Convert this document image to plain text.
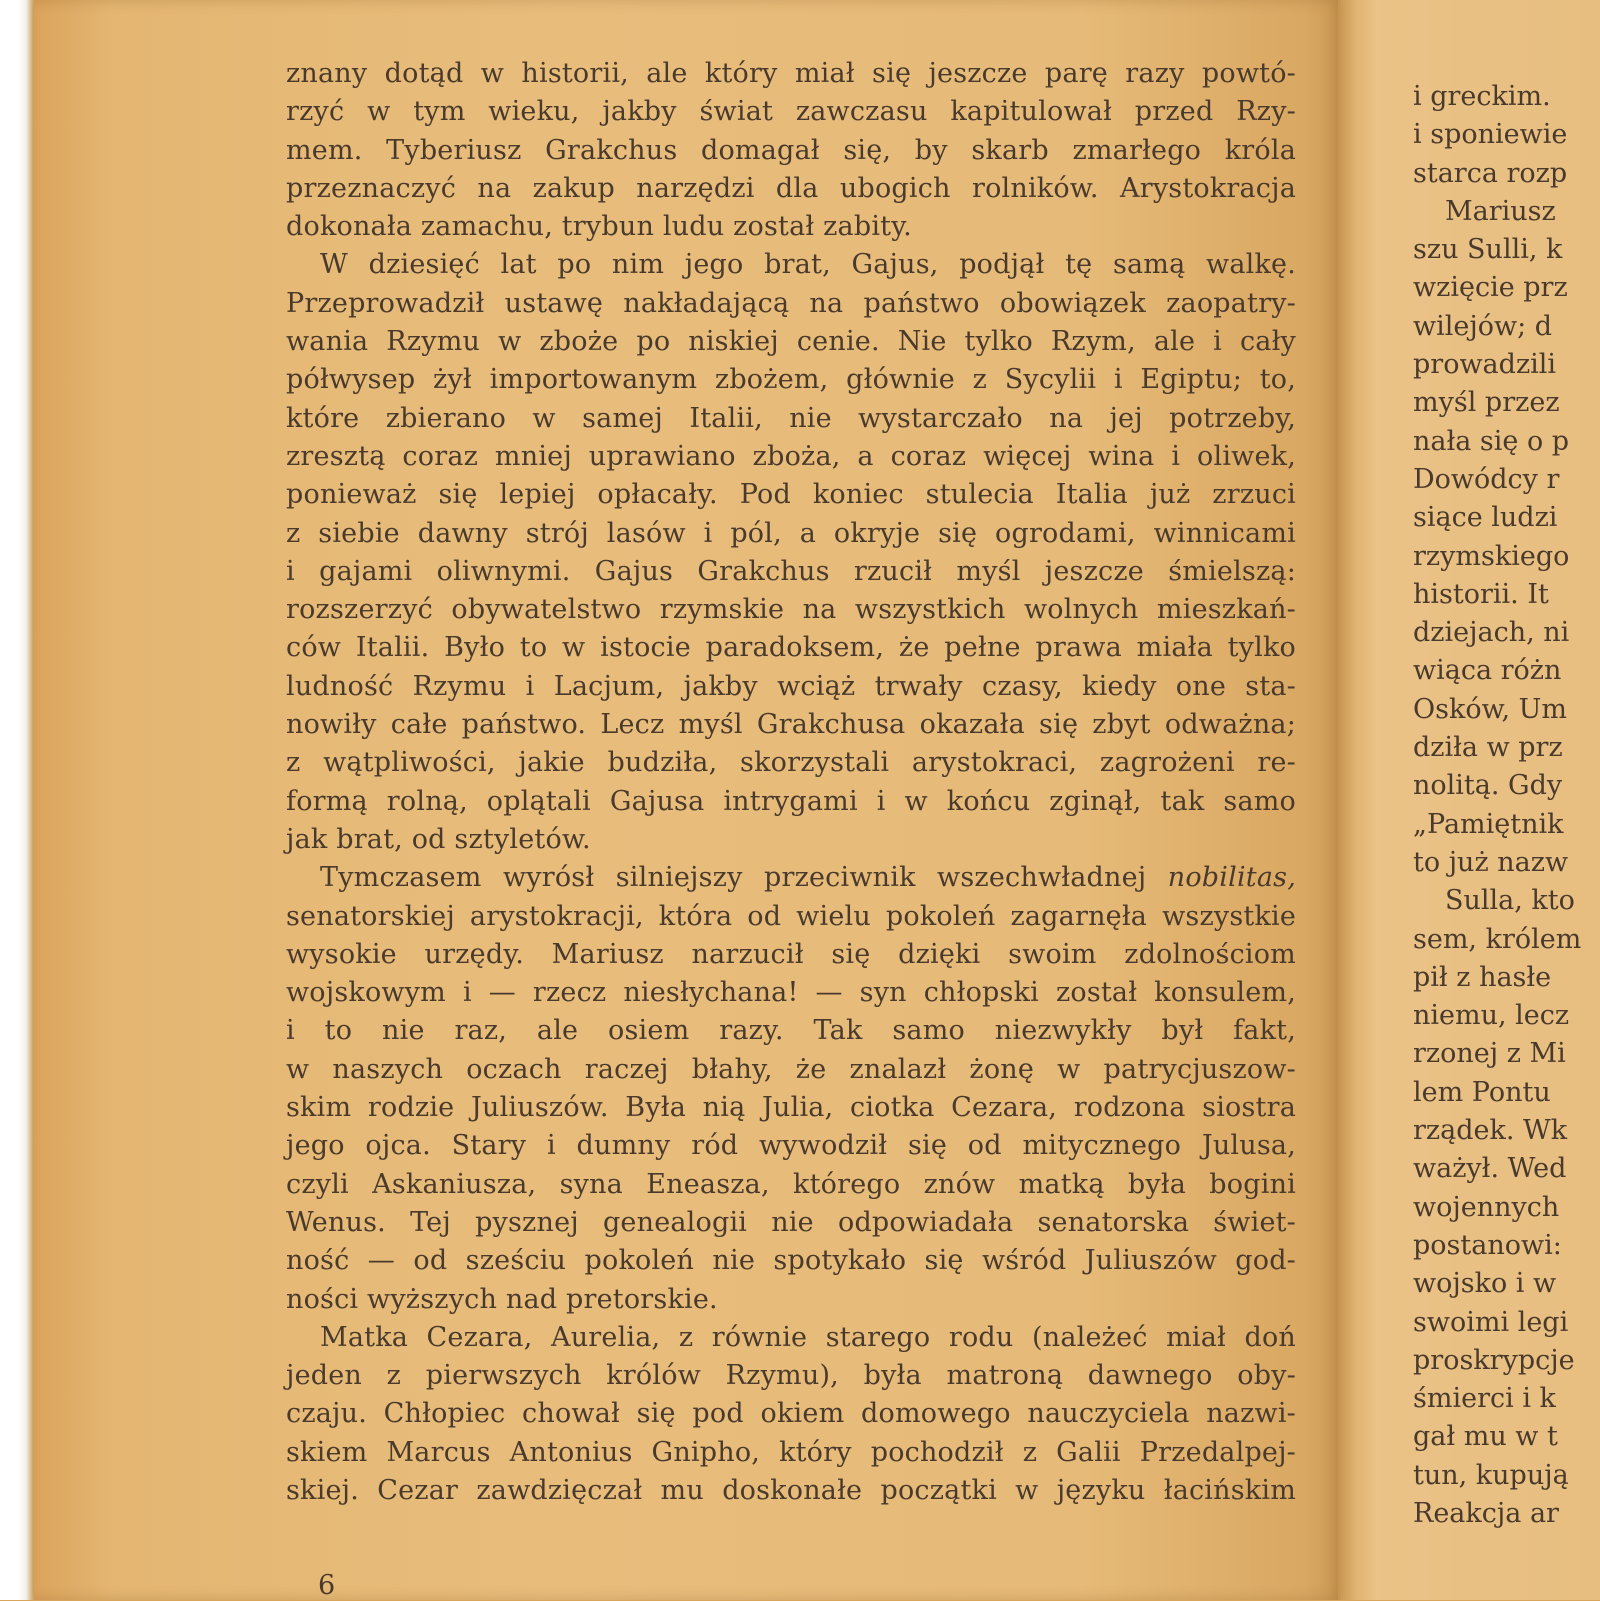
znany dotąd w historii, ale który miał się jeszcze parę razy powtó-
rzyć w tym wieku, jakby świat zawczasu kapitulował przed Rzy-
mem. Tyberiusz Grakchus domagał się, by skarb zmarłego króla
przeznaczyć na zakup narzędzi dla ubogich rolników. Arystokracja
dokonała zamachu, trybun ludu został zabity.
W dziesięć lat po nim jego brat, Gajus, podjął tę samą walkę.
Przeprowadził ustawę nakładającą na państwo obowiązek zaopatry-
wania Rzymu w zboże po niskiej cenie. Nie tylko Rzym, ale i cały
półwysep żył importowanym zbożem, głównie z Sycylii i Egiptu; to,
które zbierano w samej Italii, nie wystarczało na jej potrzeby,
zresztą coraz mniej uprawiano zboża, a coraz więcej wina i oliwek,
ponieważ się lepiej opłacały. Pod koniec stulecia Italia już zrzuci
z siebie dawny strój lasów i pól, a okryje się ogrodami, winnicami
i gajami oliwnymi. Gajus Grakchus rzucił myśl jeszcze śmielszą:
rozszerzyć obywatelstwo rzymskie na wszystkich wolnych mieszkań-
ców Italii. Było to w istocie paradoksem, że pełne prawa miała tylko
ludność Rzymu i Lacjum, jakby wciąż trwały czasy, kiedy one sta-
nowiły całe państwo. Lecz myśl Grakchusa okazała się zbyt odważna;
z wątpliwości, jakie budziła, skorzystali arystokraci, zagrożeni re-
formą rolną, oplątali Gajusa intrygami i w końcu zginął, tak samo
jak brat, od sztyletów.
Tymczasem wyrósł silniejszy przeciwnik wszechwładnej nobilitas,
senatorskiej arystokracji, która od wielu pokoleń zagarnęła wszystkie
wysokie urzędy. Mariusz narzucił się dzięki swoim zdolnościom
wojskowym i — rzecz niesłychana! — syn chłopski został konsulem,
i to nie raz, ale osiem razy. Tak samo niezwykły był fakt,
w naszych oczach raczej błahy, że znalazł żonę w patrycjuszow-
skim rodzie Juliuszów. Była nią Julia, ciotka Cezara, rodzona siostra
jego ojca. Stary i dumny ród wywodził się od mitycznego Julusa,
czyli Askaniusza, syna Eneasza, którego znów matką była bogini
Wenus. Tej pysznej genealogii nie odpowiadała senatorska świet-
ność — od sześciu pokoleń nie spotykało się wśród Juliuszów god-
ności wyższych nad pretorskie.
Matka Cezara, Aurelia, z równie starego rodu (należeć miał doń
jeden z pierwszych królów Rzymu), była matroną dawnego oby-
czaju. Chłopiec chował się pod okiem domowego nauczyciela nazwi-
skiem Marcus Antonius Gnipho, który pochodził z Galii Przedalpej-
skiej. Cezar zawdzięczał mu doskonałe początki w języku łacińskim
6
i greckim.
i sponiewie
starca rozp
Mariusz
szu Sulli, k
wzięcie prz
wilejów; d
prowadzili
myśl przez
nała się o p
Dowódcy r
siące ludzi
rzymskiego
historii. It
dziejach, ni
wiąca różn
Osków, Um
dziła w prz
nolitą. Gdy
„Pamiętnik
to już nazw
Sulla, kto
sem, królem
pił z hasłe
niemu, lecz
rzonej z Mi
lem Pontu
rządek. Wk
ważył. Wed
wojennych
postanowi:
wojsko i w
swoimi legi
proskrypcje
śmierci i k
gał mu w t
tun, kupują
Reakcja ar
